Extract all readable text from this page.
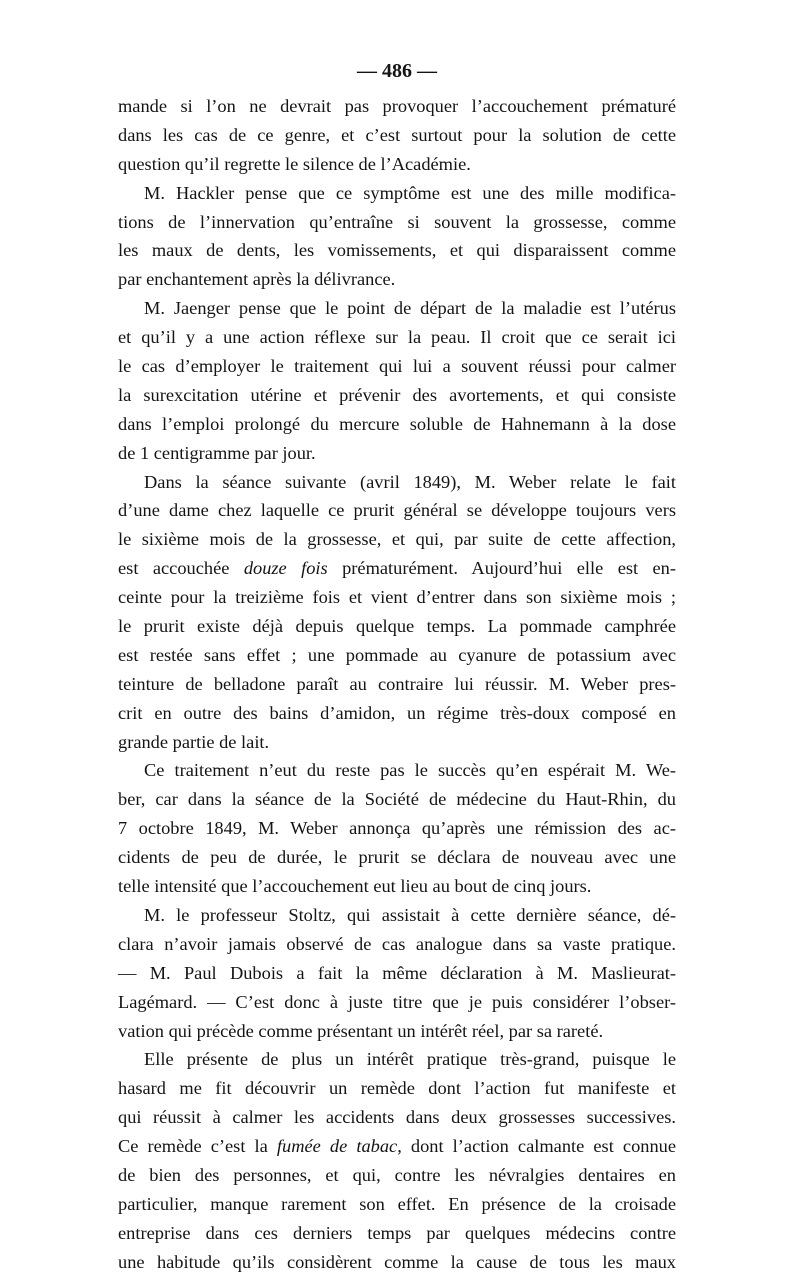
— 486 —
mande si l’on ne devrait pas provoquer l’accouchement prématuré
dans les cas de ce genre, et c’est surtout pour la solution de cette
question qu’il regrette le silence de l’Académie.
M. Hackler pense que ce symptôme est une des mille modifica-
tions de l’innervation qu’entraîne si souvent la grossesse, comme
les maux de dents, les vomissements, et qui disparaissent comme
par enchantement après la délivrance.
M. Jaenger pense que le point de départ de la maladie est l’utérus
et qu’il y a une action réflexe sur la peau. Il croit que ce serait ici
le cas d’employer le traitement qui lui a souvent réussi pour calmer
la surexcitation utérine et prévenir des avortements, et qui consiste
dans l’emploi prolongé du mercure soluble de Hahnemann à la dose
de 1 centigramme par jour.
Dans la séance suivante (avril 1849), M. Weber relate le fait
d’une dame chez laquelle ce prurit général se développe toujours vers
le sixième mois de la grossesse, et qui, par suite de cette affection,
est accouchée douze fois prématurément. Aujourd’hui elle est en-
ceinte pour la treizième fois et vient d’entrer dans son sixième mois ;
le prurit existe déjà depuis quelque temps. La pommade camphrée
est restée sans effet ; une pommade au cyanure de potassium avec
teinture de belladone paraît au contraire lui réussir. M. Weber pres-
crit en outre des bains d’amidon, un régime très-doux composé en
grande partie de lait.
Ce traitement n’eut du reste pas le succès qu’en espérait M. We-
ber, car dans la séance de la Société de médecine du Haut-Rhin, du
7 octobre 1849, M. Weber annonça qu’après une rémission des ac-
cidents de peu de durée, le prurit se déclara de nouveau avec une
telle intensité que l’accouchement eut lieu au bout de cinq jours.
M. le professeur Stoltz, qui assistait à cette dernière séance, dé-
clara n’avoir jamais observé de cas analogue dans sa vaste pratique.
— M. Paul Dubois a fait la même déclaration à M. Maslieurat-
Lagémard. — C’est donc à juste titre que je puis considérer l’obser-
vation qui précède comme présentant un intérêt réel, par sa rareté.
Elle présente de plus un intérêt pratique très-grand, puisque le
hasard me fit découvrir un remède dont l’action fut manifeste et
qui réussit à calmer les accidents dans deux grossesses successives.
Ce remède c’est la fumée de tabac, dont l’action calmante est connue
de bien des personnes, et qui, contre les névralgies dentaires en
particulier, manque rarement son effet. En présence de la croisade
entreprise dans ces derniers temps par quelques médecins contre
une habitude qu’ils considèrent comme la cause de tous les maux
